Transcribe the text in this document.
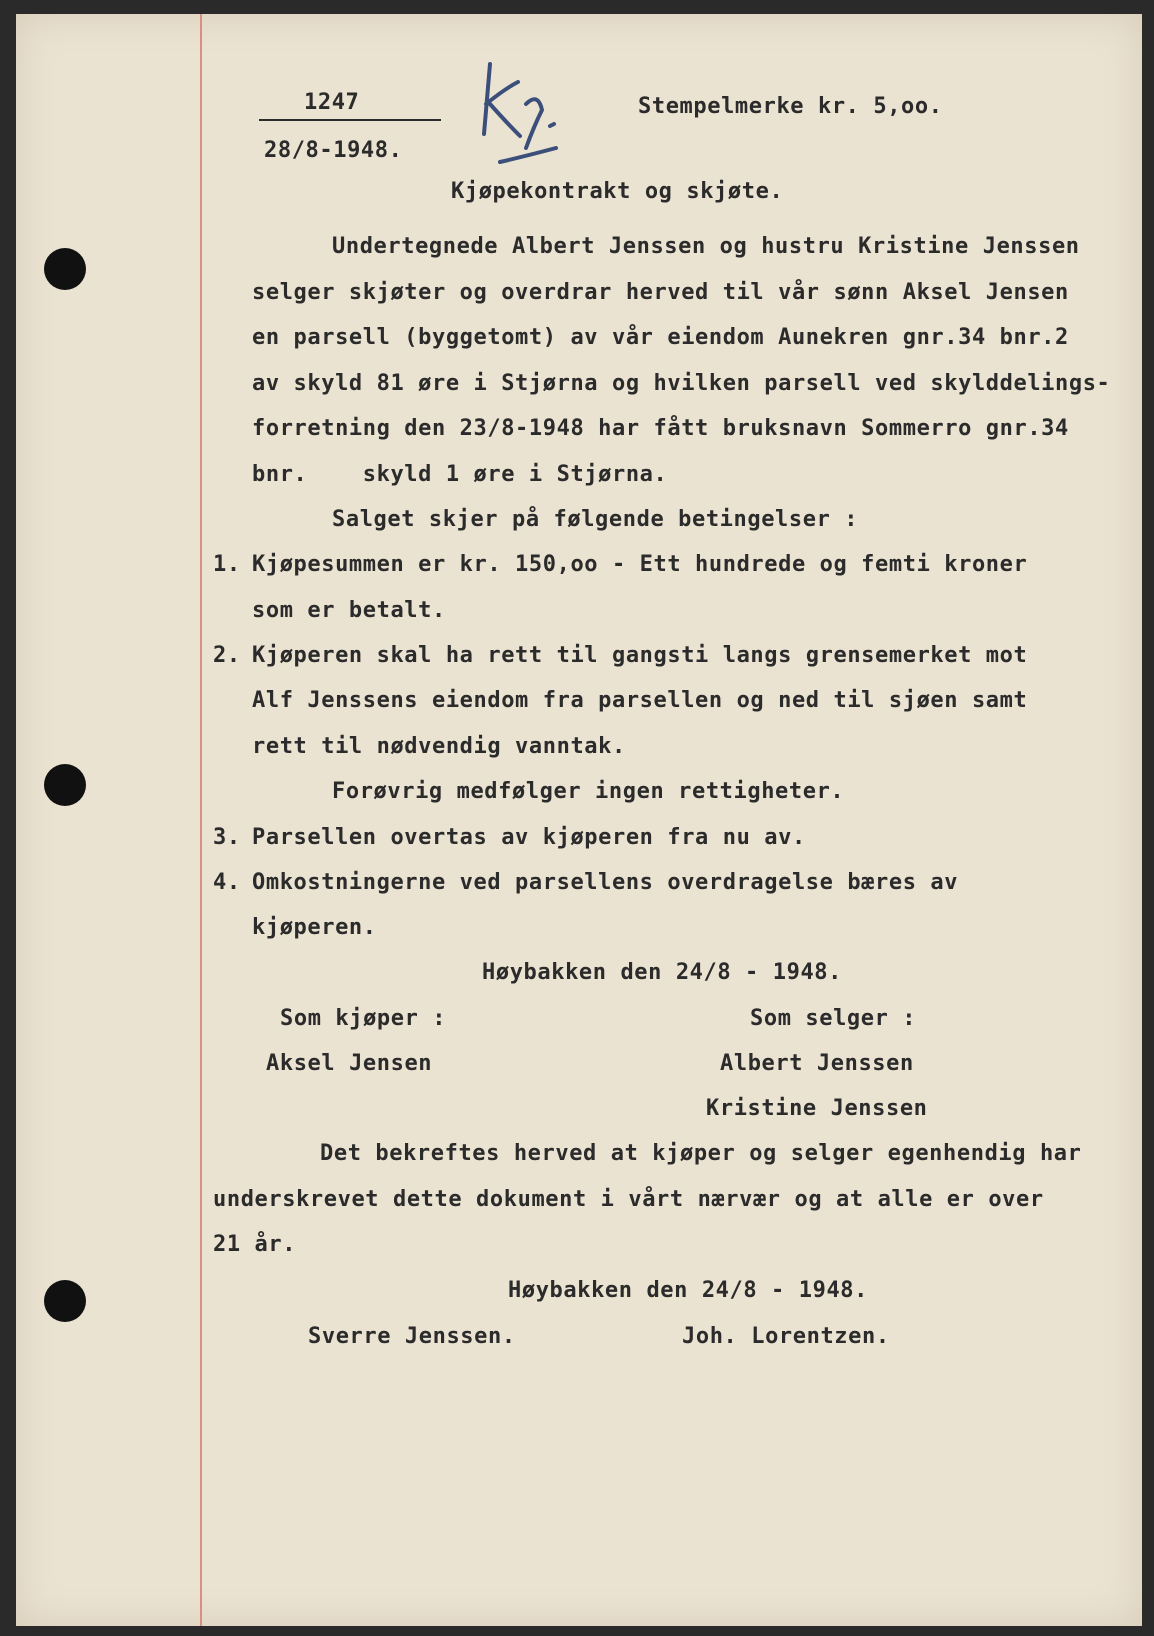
1247
28/8-1948.
Stempelmerke kr. 5,oo.
Kjøpekontrakt og skjøte.
Undertegnede Albert Jenssen og hustru Kristine Jenssen
selger skjøter og overdrar herved til vår sønn Aksel Jensen
en parsell (byggetomt) av vår eiendom Aunekren gnr.34 bnr.2
av skyld 81 øre i Stjørna og hvilken parsell ved skylddelings-
forretning den 23/8-1948 har fått bruksnavn Sommerro gnr.34
bnr.    skyld 1 øre i Stjørna.
Salget skjer på følgende betingelser :
1. Kjøpesummen er kr. 150,oo - Ett hundrede og femti kroner
som er betalt.
2. Kjøperen skal ha rett til gangsti langs grensemerket mot
Alf Jenssens eiendom fra parsellen og ned til sjøen samt
rett til nødvendig vanntak.
Forøvrig medfølger ingen rettigheter.
3. Parsellen overtas av kjøperen fra nu av.
4. Omkostningerne ved parsellens overdragelse bæres av
kjøperen.
Høybakken den 24/8 - 1948.
Som kjøper :	Som selger :
Aksel Jensen	Albert Jenssen
Kristine Jenssen
Det bekreftes herved at kjøper og selger egenhendig har
underskrevet dette dokument i vårt nærvær og at alle er over
21 år.
Høybakken den 24/8 - 1948.
Sverre Jenssen.	Joh. Lorentzen.
